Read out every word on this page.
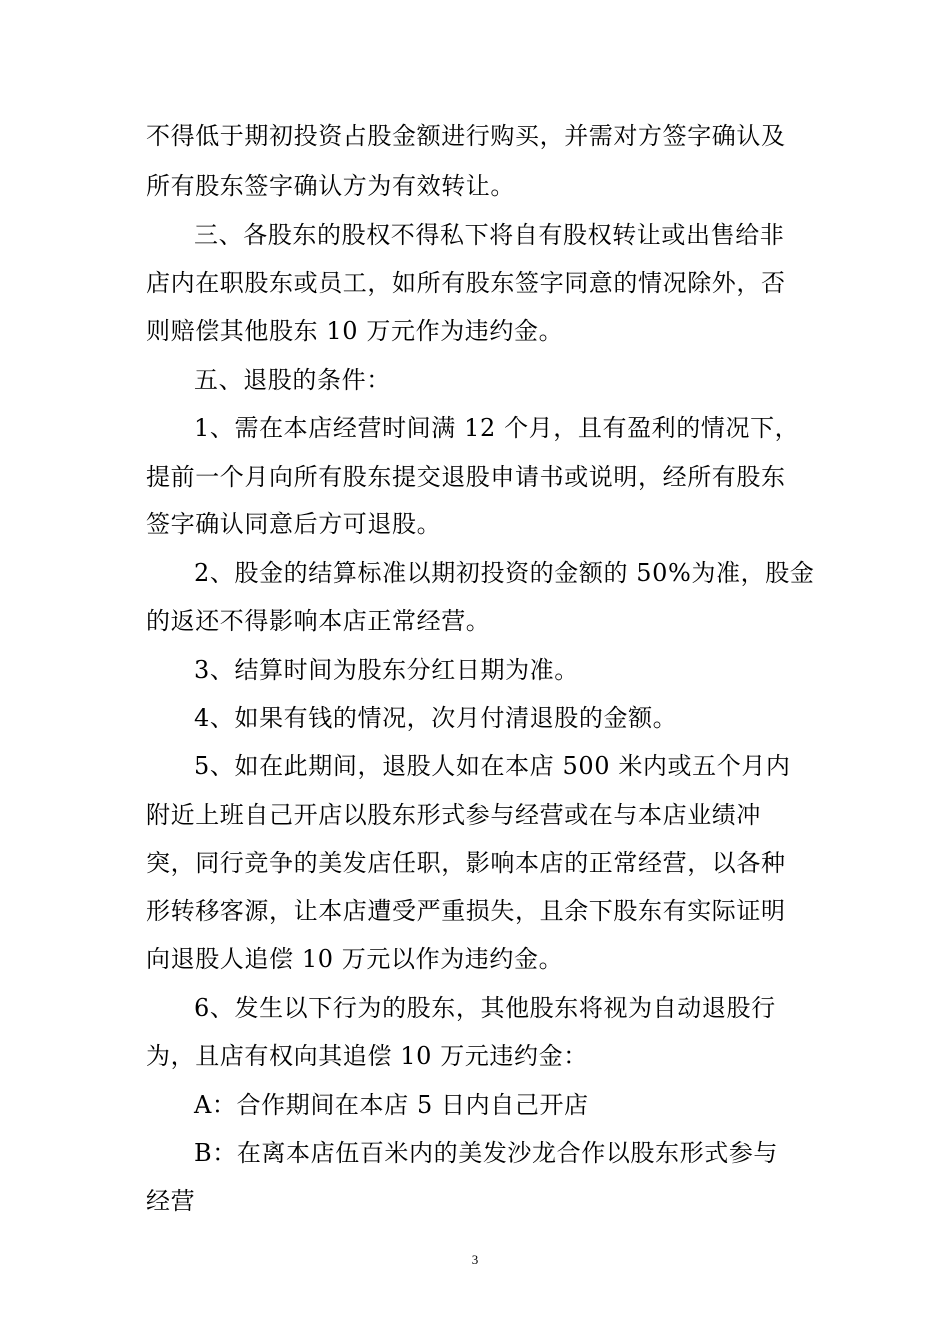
不得低于期初投资占股金额进行购买，并需对方签字确认及
所有股东签字确认方为有效转让。
三、各股东的股权不得私下将自有股权转让或出售给非
店内在职股东或员工，如所有股东签字同意的情况除外，否
则赔偿其他股东 10 万元作为违约金。
五、退股的条件：
1、需在本店经营时间满 12 个月，且有盈利的情况下，
提前一个月向所有股东提交退股申请书或说明，经所有股东
签字确认同意后方可退股。
2、股金的结算标准以期初投资的金额的 50%为准，股金
的返还不得影响本店正常经营。
3、结算时间为股东分红日期为准。
4、如果有钱的情况，次月付清退股的金额。
5、如在此期间，退股人如在本店 500 米内或五个月内
附近上班自己开店以股东形式参与经营或在与本店业绩冲
突，同行竞争的美发店任职，影响本店的正常经营，以各种
形转移客源，让本店遭受严重损失，且余下股东有实际证明
向退股人追偿 10 万元以作为违约金。
6、发生以下行为的股东，其他股东将视为自动退股行
为，且店有权向其追偿 10 万元违约金：
A：合作期间在本店 5 日内自己开店
B：在离本店伍百米内的美发沙龙合作以股东形式参与
经营
3
